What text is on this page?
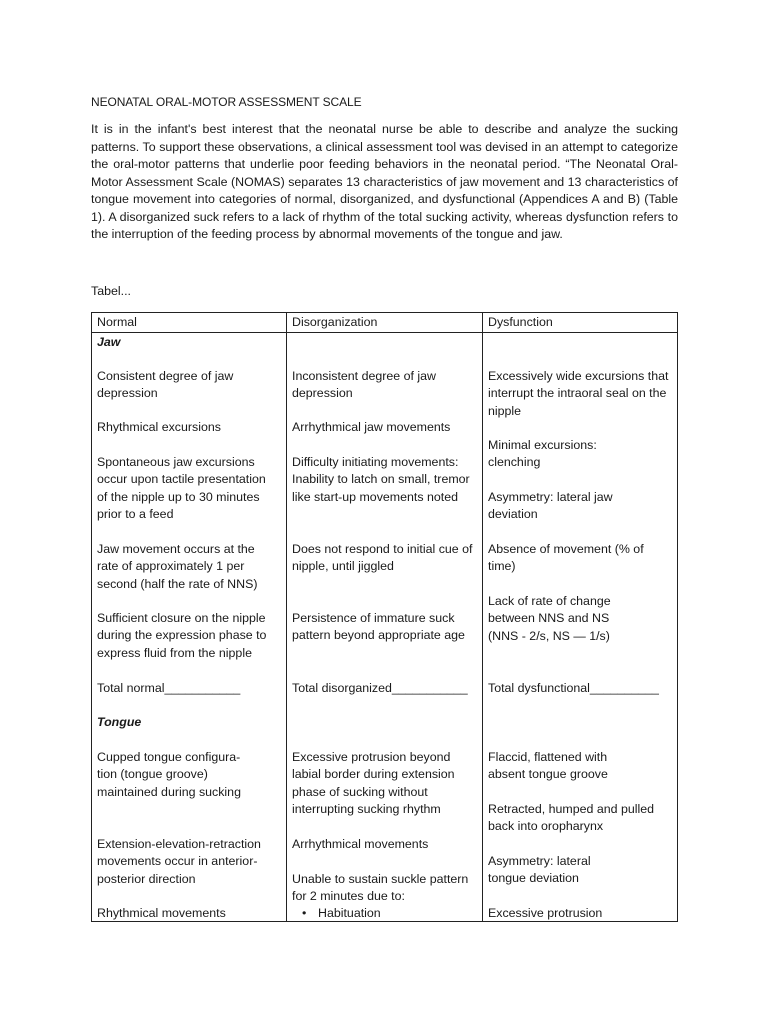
NEONATAL ORAL-MOTOR ASSESSMENT SCALE

It is in the infant's best interest that the neonatal nurse be able to describe and analyze the sucking patterns. To support these observations, a clinical assessment tool was devised in an attempt to categorize the oral-motor patterns that underlie poor feeding behaviors in the neonatal period. “The Neonatal Oral-Motor Assessment Scale (NOMAS) separates 13 characteristics of jaw movement and 13 characteristics of tongue movement into categories of normal, disorganized, and dysfunctional (Appendices A and B) (Table 1). A disorganized suck refers to a lack of rhythm of the total sucking activity, whereas dysfunction refers to the interruption of the feeding process by abnormal movements of the tongue and jaw.

Tabel...
Normal	Disorganization	Dysfunction
Jaw
Consistent degree of jaw depression
Rhythmical excursions
Spontaneous jaw excursions occur upon tactile presentation of the nipple up to 30 minutes prior to a feed
Jaw movement occurs at the rate of approximately 1 per second (half the rate of NNS)
Sufficient closure on the nipple during the expression phase to express fluid from the nipple
Total normal___________
Inconsistent degree of jaw depression
Arrhythmical jaw movements
Difficulty initiating movements: Inability to latch on small, tremor like start-up movements noted
Does not respond to initial cue of nipple, until jiggled
Persistence of immature suck pattern beyond appropriate age
Total disorganized___________
Excessively wide excursions that interrupt the intraoral seal on the nipple
Minimal excursions: clenching
Asymmetry: lateral jaw deviation
Absence of movement (% of time)
Lack of rate of change between NNS and NS (NNS - 2/s, NS — 1/s)
Total dysfunctional__________
Tongue
Cupped tongue configura- tion (tongue groove) maintained during sucking
Extension-elevation-retraction movements occur in anterior- posterior direction
Rhythmical movements
Excessive protrusion beyond labial border during extension phase of sucking without interrupting sucking rhythm
Arrhythmical movements
Unable to sustain suckle pattern for 2 minutes due to:
• Habituation
Flaccid, flattened with absent tongue groove
Retracted, humped and pulled back into oropharynx
Asymmetry: lateral tongue deviation
Excessive protrusion
